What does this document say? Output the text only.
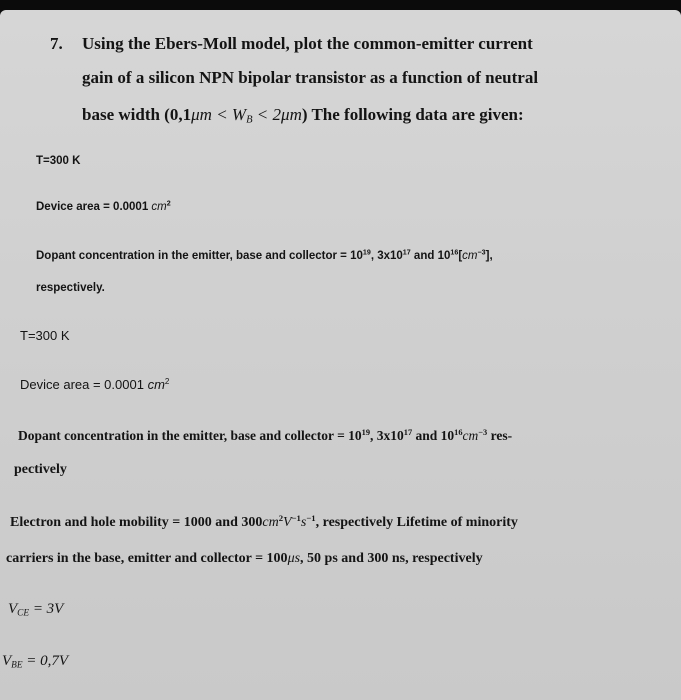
7. Using the Ebers-Moll model, plot the common-emitter current
gain of a silicon NPN bipolar transistor as a function of neutral
base width $(0,1\mu m < W_B < 2\mu m)$ The following data are given:
T=300 K
Device area = 0.0001 $cm^2$
Dopant concentration in the emitter, base and collector = $10^{19}$, $3x10^{17}$ and $10^{16}[cm^{-3}]$,
respectively.
T=300 K
Device area = 0.0001 $cm^2$
Dopant concentration in the emitter, base and collector = $10^{19}$, $3x10^{17}$ and $10^{16}cm^{-3}$ res-
pectively
Electron and hole mobility = 1000 and $300cm^2V^{-1}s^{-1}$, respectively Lifetime of minority
carriers in the base, emitter and collector = 100μs, 50 ps and 300 ns, respectively
$V_{CE} = 3V$
$V_{BE} = 0,7V$
